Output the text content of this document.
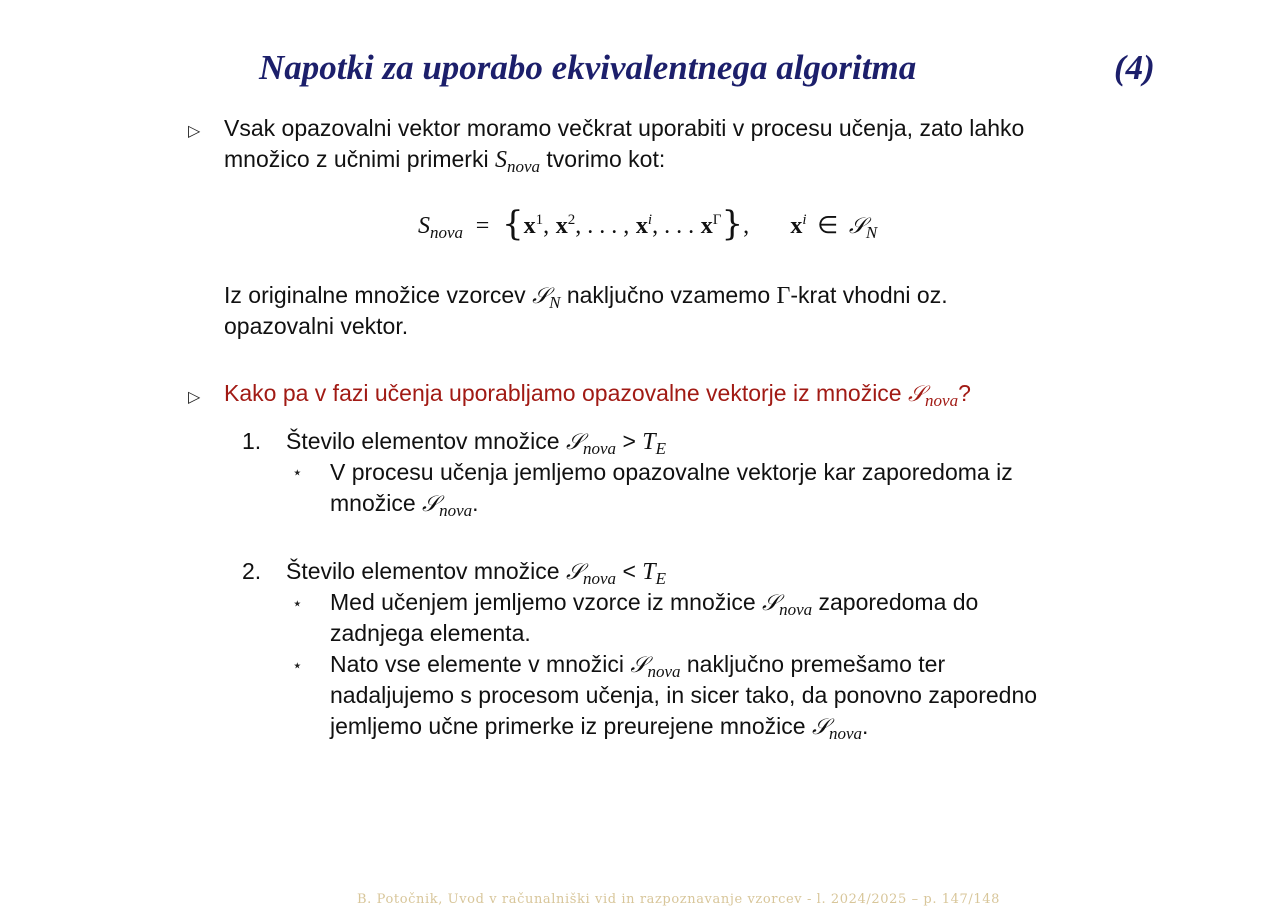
Napotki za uporabo ekvivalentnega algoritma	(4)
▷ Vsak opazovalni vektor moramo večkrat uporabiti v procesu učenja, zato lahko
množico z učnimi primerki $S_{nova}$ tvorimo kot:
$S_{nova} = \{x^1$, $x^2$, . . . , $x^i$, . . . $x^\Gamma$}, $x^i$ ∈ 𝒮$_N$
Iz originalne množice vzorcev 𝒮$_N$ naključno vzamemo Γ-krat vhodni oz.
opazovalni vektor.
▷ Kako pa v fazi učenja uporabljamo opazovalne vektorje iz množice 𝒮$_{nova}$?
1. Število elementov množice 𝒮$_{nova}$ > $T_E$
⋆ V procesu učenja jemljemo opazovalne vektorje kar zaporedoma iz
množice 𝒮$_{nova}$.
2. Število elementov množice 𝒮$_{nova}$ < $T_E$
⋆ Med učenjem jemljemo vzorce iz množice 𝒮$_{nova}$ zaporedoma do
zadnjega elementa.
⋆ Nato vse elemente v množici 𝒮$_{nova}$ naključno premešamo ter
nadaljujemo s procesom učenja, in sicer tako, da ponovno zaporedno
jemljemo učne primerke iz preurejene množice 𝒮$_{nova}$.
B. Potočnik, Uvod v računalniški vid in razpoznavanje vzorcev - l. 2024/2025 – p. 147/148
